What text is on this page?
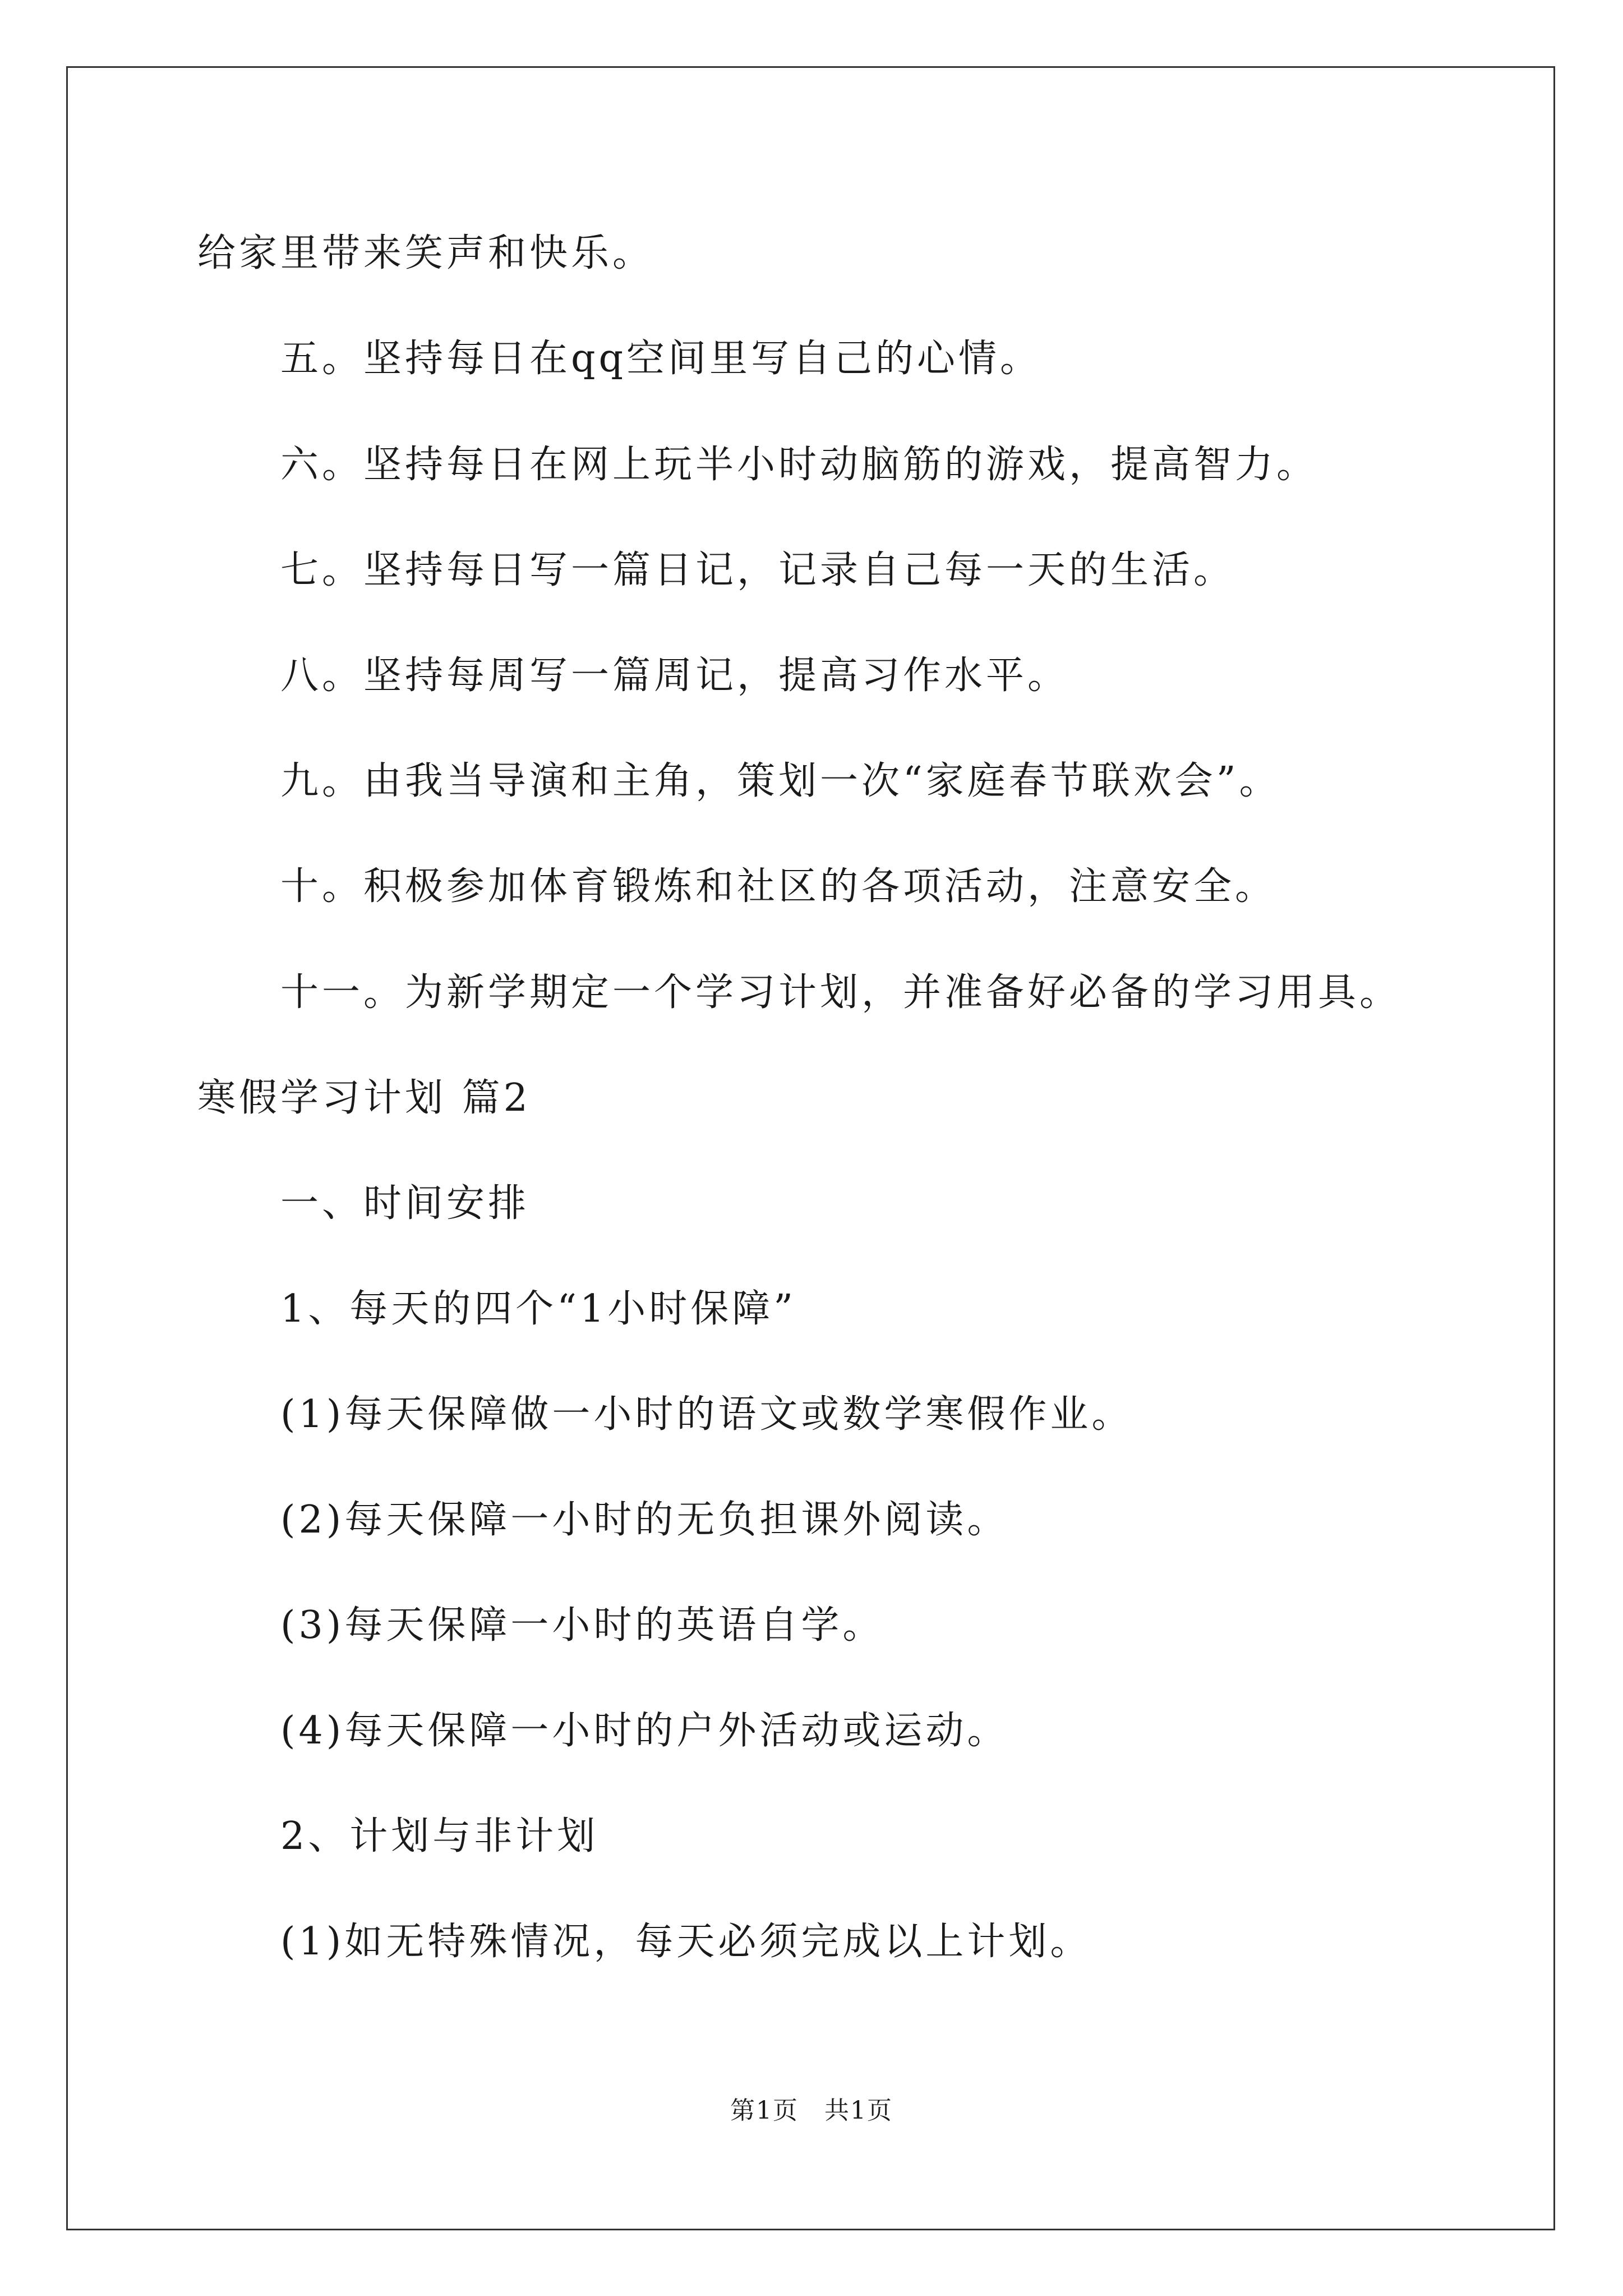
给家里带来笑声和快乐。
五。坚持每日在qq空间里写自己的心情。
六。坚持每日在网上玩半小时动脑筋的游戏，提高智力。
七。坚持每日写一篇日记，记录自己每一天的生活。
八。坚持每周写一篇周记，提高习作水平。
九。由我当导演和主角，策划一次“家庭春节联欢会”。
十。积极参加体育锻炼和社区的各项活动，注意安全。
十一。为新学期定一个学习计划，并准备好必备的学习用具。
寒假学习计划 篇2
一、时间安排
1、每天的四个“1小时保障”
(1)每天保障做一小时的语文或数学寒假作业。
(2)每天保障一小时的无负担课外阅读。
(3)每天保障一小时的英语自学。
(4)每天保障一小时的户外活动或运动。
2、计划与非计划
(1)如无特殊情况，每天必须完成以上计划。
第1页 共1页
